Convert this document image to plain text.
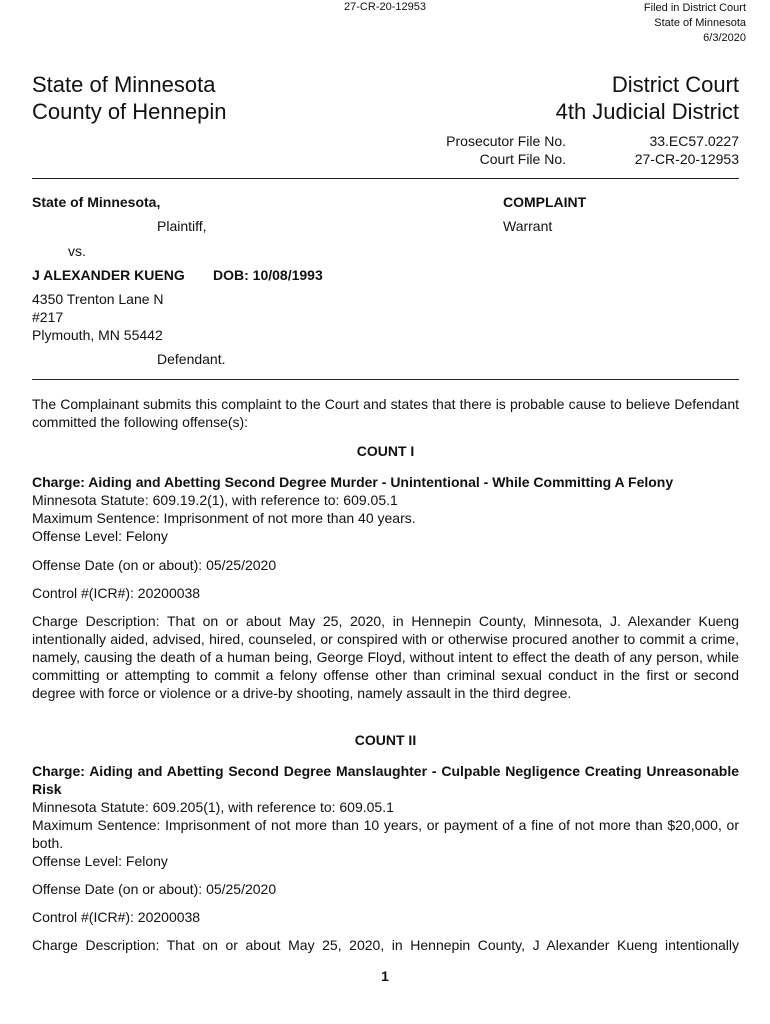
27-CR-20-12953	Filed in District Court
State of Minnesota
6/3/2020
State of Minnesota
County of Hennepin
District Court
4th Judicial District
Prosecutor File No.
Court File No.
33.EC57.0227
27-CR-20-12953
State of Minnesota,
Plaintiff,
vs.
J ALEXANDER KUENG DOB: 10/08/1993
4350 Trenton Lane N
#217
Plymouth, MN 55442
Defendant.
COMPLAINT
Warrant
The Complainant submits this complaint to the Court and states that there is probable cause to believe Defendant committed the following offense(s):
COUNT I
Charge: Aiding and Abetting Second Degree Murder - Unintentional - While Committing A Felony
Minnesota Statute: 609.19.2(1), with reference to: 609.05.1
Maximum Sentence: Imprisonment of not more than 40 years.
Offense Level: Felony
Offense Date (on or about): 05/25/2020
Control #(ICR#): 20200038
Charge Description: That on or about May 25, 2020, in Hennepin County, Minnesota, J. Alexander Kueng intentionally aided, advised, hired, counseled, or conspired with or otherwise procured another to commit a crime, namely, causing the death of a human being, George Floyd, without intent to effect the death of any person, while committing or attempting to commit a felony offense other than criminal sexual conduct in the first or second degree with force or violence or a drive-by shooting, namely assault in the third degree.
COUNT II
Charge: Aiding and Abetting Second Degree Manslaughter - Culpable Negligence Creating Unreasonable Risk
Minnesota Statute: 609.205(1), with reference to: 609.05.1
Maximum Sentence: Imprisonment of not more than 10 years, or payment of a fine of not more than $20,000, or both.
Offense Level: Felony
Offense Date (on or about): 05/25/2020
Control #(ICR#): 20200038
Charge Description: That on or about May 25, 2020, in Hennepin County, J Alexander Kueng intentionally
1
